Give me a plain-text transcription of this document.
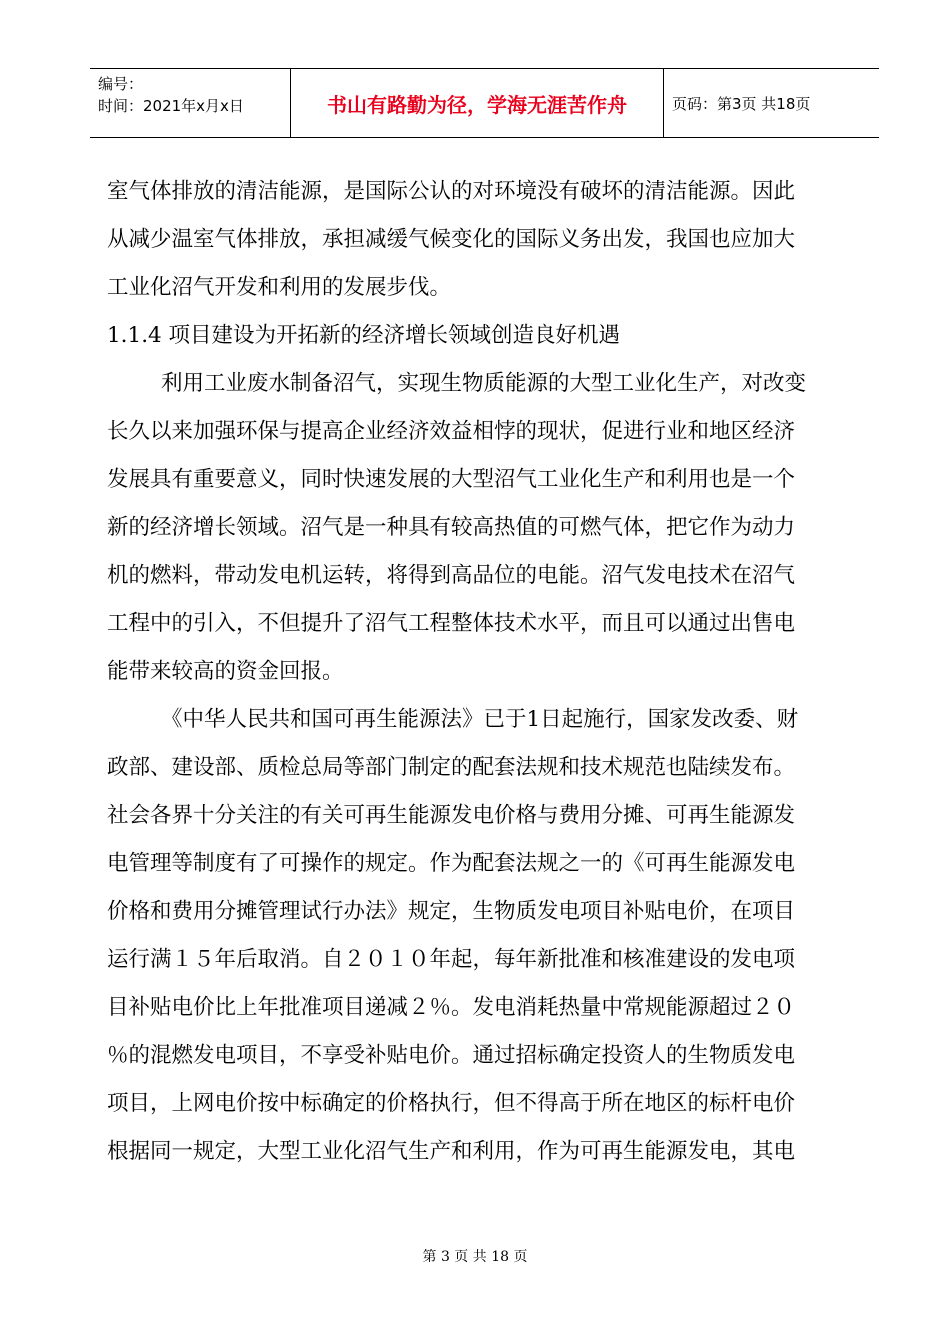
编号：
时间：2021年x月x日	书山有路勤为径，学海无涯苦作舟	页码：第3页 共18页
室气体排放的清洁能源，是国际公认的对环境没有破坏的清洁能源。因此
从减少温室气体排放，承担减缓气候变化的国际义务出发，我国也应加大
工业化沼气开发和利用的发展步伐。
1.1.4 项目建设为开拓新的经济增长领域创造良好机遇
利用工业废水制备沼气，实现生物质能源的大型工业化生产，对改变
长久以来加强环保与提高企业经济效益相悖的现状，促进行业和地区经济
发展具有重要意义，同时快速发展的大型沼气工业化生产和利用也是一个
新的经济增长领域。沼气是一种具有较高热值的可燃气体，把它作为动力
机的燃料，带动发电机运转，将得到高品位的电能。沼气发电技术在沼气
工程中的引入，不但提升了沼气工程整体技术水平，而且可以通过出售电
能带来较高的资金回报。
《中华人民共和国可再生能源法》已于1日起施行，国家发改委、财
政部、建设部、质检总局等部门制定的配套法规和技术规范也陆续发布。
社会各界十分关注的有关可再生能源发电价格与费用分摊、可再生能源发
电管理等制度有了可操作的规定。作为配套法规之一的《可再生能源发电
价格和费用分摊管理试行办法》规定，生物质发电项目补贴电价，在项目
运行满１５年后取消。自２０１０年起，每年新批准和核准建设的发电项
目补贴电价比上年批准项目递减２％。发电消耗热量中常规能源超过２０
％的混燃发电项目，不享受补贴电价。通过招标确定投资人的生物质发电
项目，上网电价按中标确定的价格执行，但不得高于所在地区的标杆电价
根据同一规定，大型工业化沼气生产和利用，作为可再生能源发电，其电
第 3 页 共 18 页
